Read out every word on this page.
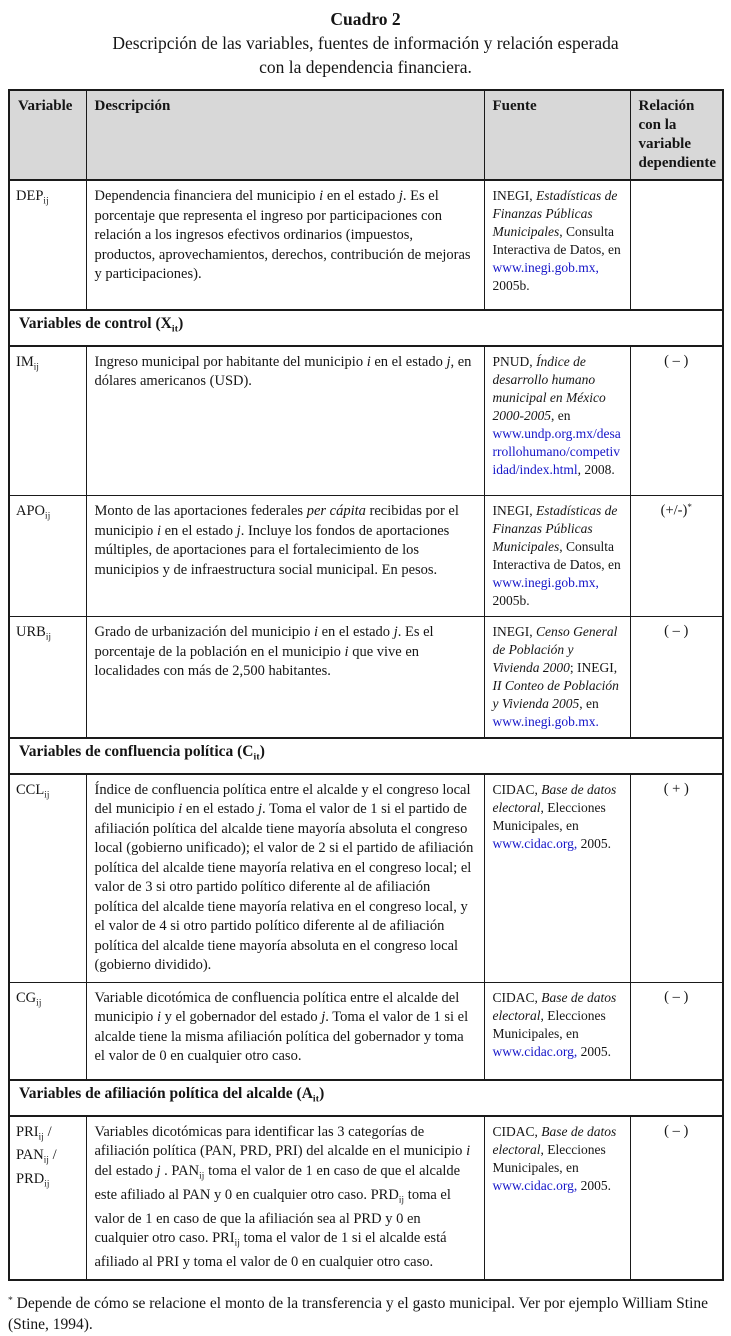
Cuadro 2
Descripción de las variables, fuentes de información y relación esperada
con la dependencia financiera.
Variable	Descripción	Fuente	Relación con la variable dependiente
$DEP_{ij}$	Dependencia financiera del municipio i en el estado j. Es el porcentaje que representa el ingreso por participaciones con relación a los ingresos efectivos ordinarios (impuestos, productos, aprovechamientos, derechos, contribución de mejoras y participaciones).	INEGI, Estadísticas de Finanzas Públicas Municipales, Consulta Interactiva de Datos, en www.inegi.gob.mx, 2005b.	
Variables de control $(X_{it})$			
$IM_{ij}$	Ingreso municipal por habitante del municipio i en el estado j, en dólares americanos (USD).	PNUD, Índice de desarrollo humano municipal en México 2000-2005, en www.undp.org.mx/desarrollohumano/competividad/index.html, 2008.	( – )
$APO_{ij}$	Monto de las aportaciones federales per cápita recibidas por el municipio i en el estado j. Incluye los fondos de aportaciones múltiples, de aportaciones para el fortalecimiento de los municipios y de infraestructura social municipal. En pesos.	INEGI, Estadísticas de Finanzas Públicas Municipales, Consulta Interactiva de Datos, en www.inegi.gob.mx, 2005b.	(+/-)*
$URB_{ij}$	Grado de urbanización del municipio i en el estado j. Es el porcentaje de la población en el municipio i que vive en localidades con más de 2,500 habitantes.	INEGI, Censo General de Población y Vivienda 2000; INEGI, II Conteo de Población y Vivienda 2005, en www.inegi.gob.mx.	( – )
Variables de confluencia política $(C_{it})$			
$CCL_{ij}$	Índice de confluencia política entre el alcalde y el congreso local del municipio i en el estado j. Toma el valor de 1 si el partido de afiliación política del alcalde tiene mayoría absoluta el congreso local (gobierno unificado); el valor de 2 si el partido de afiliación política del alcalde tiene mayoría relativa en el congreso local; el valor de 3 si otro partido político diferente al de afiliación política del alcalde tiene mayoría relativa en el congreso local, y el valor de 4 si otro partido político diferente al de afiliación política del alcalde tiene mayoría absoluta en el congreso local (gobierno dividido).	CIDAC, Base de datos electoral, Elecciones Municipales, en www.cidac.org, 2005.	( + )
$CG_{ij}$	Variable dicotómica de confluencia política entre el alcalde del municipio i y el gobernador del estado j. Toma el valor de 1 si el alcalde tiene la misma afiliación política del gobernador y toma el valor de 0 en cualquier otro caso.	CIDAC, Base de datos electoral, Elecciones Municipales, en www.cidac.org, 2005.	( – )
Variables de afiliación política del alcalde $(A_{it})$			
$PRI_{ij} / PAN_{ij} / PRD_{ij}$	Variables dicotómicas para identificar las 3 categorías de afiliación política (PAN, PRD, PRI) del alcalde en el municipio i del estado j . $PAN_{ij}$ toma el valor de 1 en caso de que el alcalde este afiliado al PAN y 0 en cualquier otro caso. $PRD_{ij}$ toma el valor de 1 en caso de que la afiliación sea al PRD y 0 en cualquier otro caso. $PRI_{ij}$ toma el valor de 1 si el alcalde está afiliado al PRI y toma el valor de 0 en cualquier otro caso.	CIDAC, Base de datos electoral, Elecciones Municipales, en www.cidac.org, 2005.	( – )
* Depende de cómo se relacione el monto de la transferencia y el gasto municipal. Ver por ejemplo William Stine (Stine, 1994).
